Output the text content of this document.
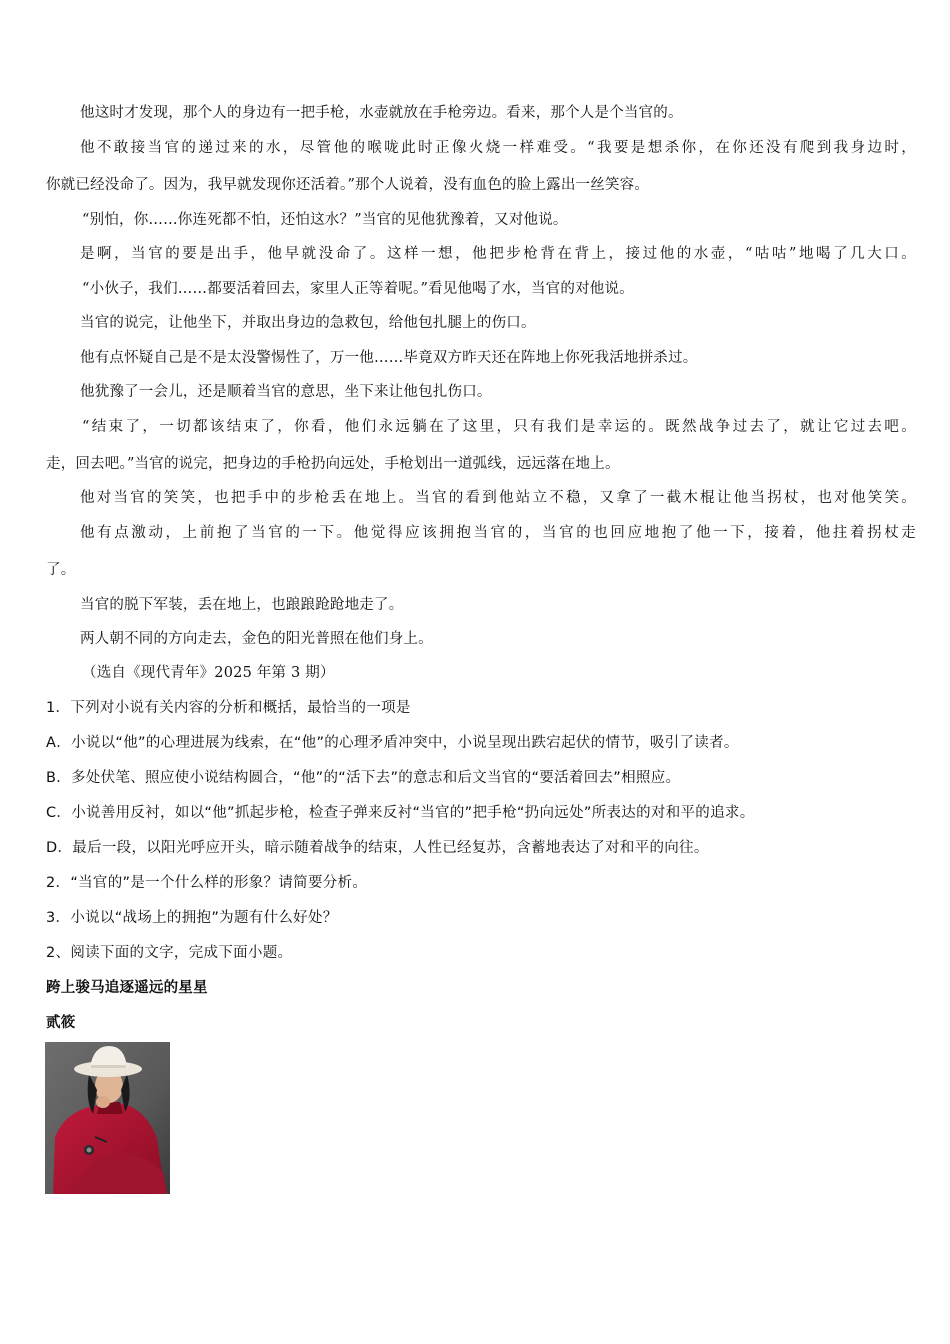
他这时才发现，那个人的身边有一把手枪，水壶就放在手枪旁边。看来，那个人是个当官的。
他不敢接当官的递过来的水，尽管他的喉咙此时正像火烧一样难受。“我要是想杀你，在你还没有爬到我身边时，
你就已经没命了。因为，我早就发现你还活着。”那个人说着，没有血色的脸上露出一丝笑容。
“别怕，你……你连死都不怕，还怕这水？”当官的见他犹豫着，又对他说。
是啊，当官的要是出手，他早就没命了。这样一想，他把步枪背在背上，接过他的水壶，“咕咕”地喝了几大口。
“小伙子，我们……都要活着回去，家里人正等着呢。”看见他喝了水，当官的对他说。
当官的说完，让他坐下，并取出身边的急救包，给他包扎腿上的伤口。
他有点怀疑自己是不是太没警惕性了，万一他……毕竟双方昨天还在阵地上你死我活地拼杀过。
他犹豫了一会儿，还是顺着当官的意思，坐下来让他包扎伤口。
“结束了，一切都该结束了，你看，他们永远躺在了这里，只有我们是幸运的。既然战争过去了，就让它过去吧。
走，回去吧。”当官的说完，把身边的手枪扔向远处，手枪划出一道弧线，远远落在地上。
他对当官的笑笑，也把手中的步枪丢在地上。当官的看到他站立不稳，又拿了一截木棍让他当拐杖，也对他笑笑。
他有点激动，上前抱了当官的一下。他觉得应该拥抱当官的，当官的也回应地抱了他一下，接着，他拄着拐杖走
了。
当官的脱下军装，丢在地上，也踉踉跄跄地走了。
两人朝不同的方向走去，金色的阳光普照在他们身上。
（选自《现代青年》2025 年第 3 期）
1．下列对小说有关内容的分析和概括，最恰当的一项是
A．小说以“他”的心理进展为线索，在“他”的心理矛盾冲突中，小说呈现出跌宕起伏的情节，吸引了读者。
B．多处伏笔、照应使小说结构圆合，“他”的“活下去”的意志和后文当官的“要活着回去”相照应。
C．小说善用反衬，如以“他”抓起步枪，检查子弹来反衬“当官的”把手枪“扔向远处”所表达的对和平的追求。
D．最后一段，以阳光呼应开头，暗示随着战争的结束，人性已经复苏，含蓄地表达了对和平的向往。
2．“当官的”是一个什么样的形象？请简要分析。
3．小说以“战场上的拥抱”为题有什么好处？
2、阅读下面的文字，完成下面小题。
跨上骏马追逐遥远的星星
贰筱
